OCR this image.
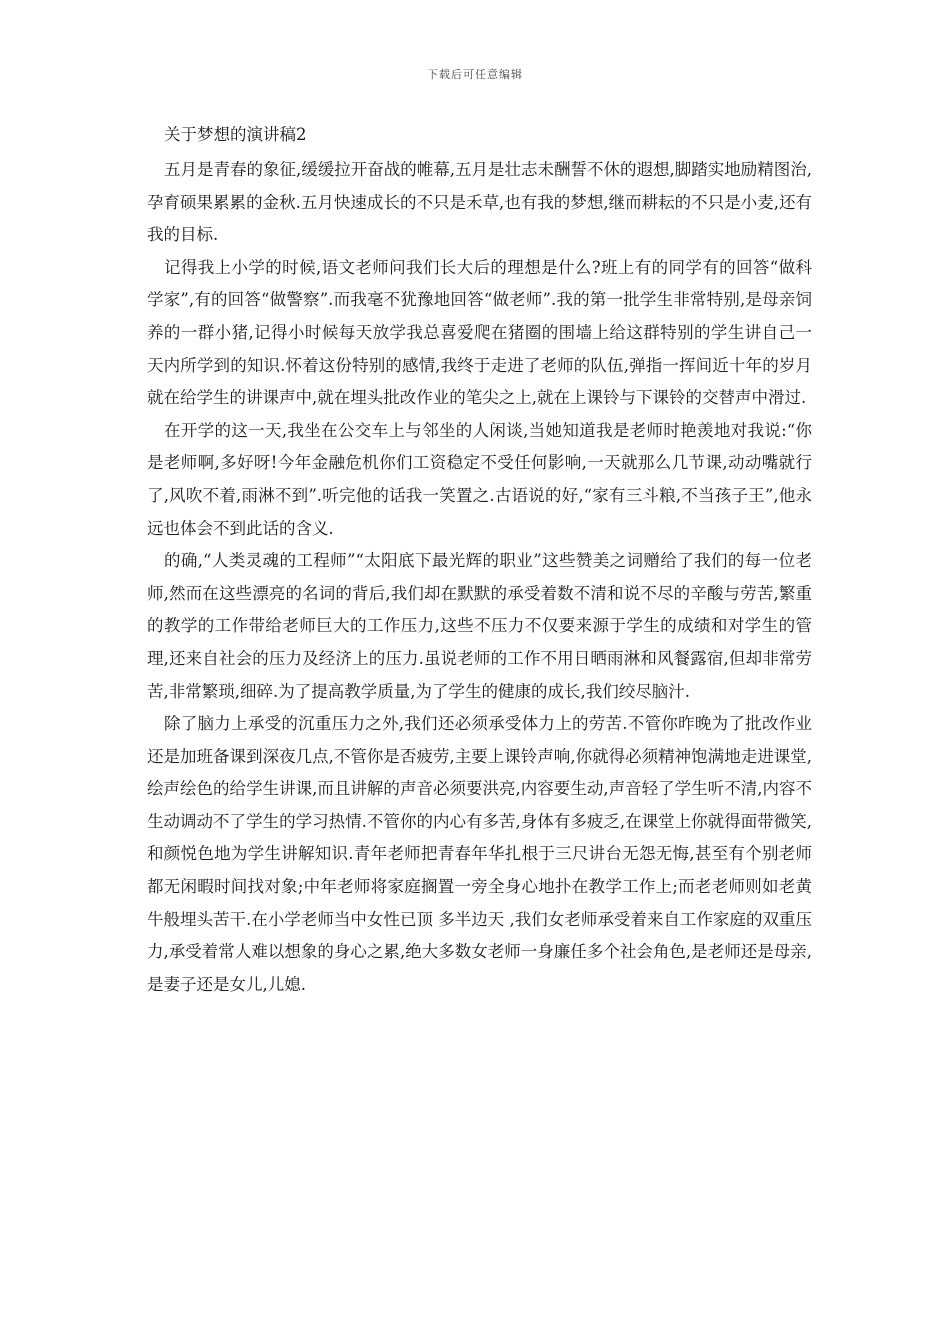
下载后可任意编辑
关于梦想的演讲稿2

五月是青春的象征,缓缓拉开奋战的帷幕,五月是壮志未酬誓不休的遐想,脚踏实地励精图治,孕育硕果累累的金秋.五月快速成长的不只是禾草,也有我的梦想,继而耕耘的不只是小麦,还有我的目标.

记得我上小学的时候,语文老师问我们长大后的理想是什么?班上有的同学有的回答“做科学家”,有的回答“做警察”.而我毫不犹豫地回答“做老师”.我的第一批学生非常特别,是母亲饲养的一群小猪,记得小时候每天放学我总喜爱爬在猪圈的围墙上给这群特别的学生讲自己一天内所学到的知识.怀着这份特别的感情,我终于走进了老师的队伍,弹指一挥间近十年的岁月就在给学生的讲课声中,就在埋头批改作业的笔尖之上,就在上课铃与下课铃的交替声中滑过.

在开学的这一天,我坐在公交车上与邻坐的人闲谈,当她知道我是老师时艳羡地对我说:“你是老师啊,多好呀!今年金融危机你们工资稳定不受任何影响,一天就那么几节课,动动嘴就行了,风吹不着,雨淋不到”.听完他的话我一笑置之.古语说的好,“家有三斗粮,不当孩子王”,他永远也体会不到此话的含义.

的确,“人类灵魂的工程师”“太阳底下最光辉的职业”这些赞美之词赠给了我们的每一位老师,然而在这些漂亮的名词的背后,我们却在默默的承受着数不清和说不尽的辛酸与劳苦,繁重的教学的工作带给老师巨大的工作压力,这些不压力不仅要来源于学生的成绩和对学生的管理,还来自社会的压力及经济上的压力.虽说老师的工作不用日晒雨淋和风餐露宿,但却非常劳苦,非常繁琐,细碎.为了提高教学质量,为了学生的健康的成长,我们绞尽脑汁.

除了脑力上承受的沉重压力之外,我们还必须承受体力上的劳苦.不管你昨晚为了批改作业还是加班备课到深夜几点,不管你是否疲劳,主要上课铃声响,你就得必须精神饱满地走进课堂,绘声绘色的给学生讲课,而且讲解的声音必须要洪亮,内容要生动,声音轻了学生听不清,内容不生动调动不了学生的学习热情.不管你的内心有多苦,身体有多疲乏,在课堂上你就得面带微笑,和颜悦色地为学生讲解知识.青年老师把青春年华扎根于三尺讲台无怨无悔,甚至有个别老师都无闲暇时间找对象;中年老师将家庭搁置一旁全身心地扑在教学工作上;而老老师则如老黄牛般埋头苦干.在小学老师当中女性已顶 多半边天 ,我们女老师承受着来自工作家庭的双重压力,承受着常人难以想象的身心之累,绝大多数女老师一身廉任多个社会角色,是老师还是母亲,是妻子还是女儿,儿媳.
